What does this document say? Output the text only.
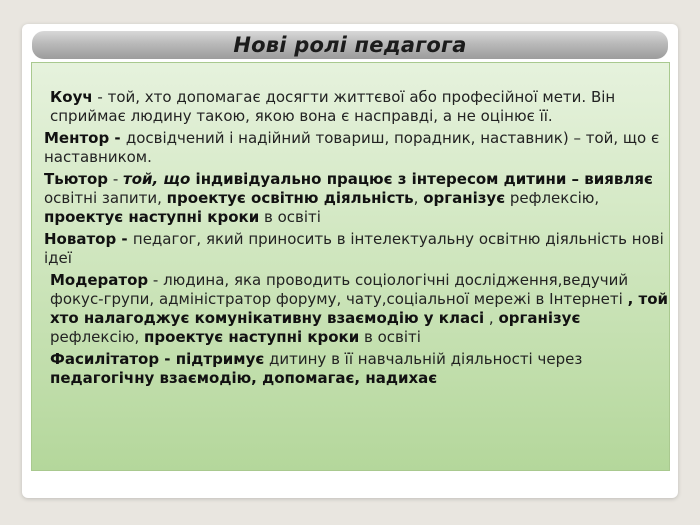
Нові ролі педагога

Коуч - той, хто допомагає досягти життєвої або професійної мети. Він сприймає людину такою, якою вона є насправді, а не оцінює її.

Ментор - досвідчений і надійний товариш, порадник, наставник) – той, що є наставником.

Тьютор - той, що індивідуально працює з інтересом дитини – виявляє освітні запити, проектує освітню діяльність, організує рефлексію, проектує наступні кроки в освіті

Новатор - педагог, який приносить в інтелектуальну освітню діяльність нові ідеї

Модератор - людина, яка проводить соціологічні дослідження,ведучий фокус-групи, адміністратор форуму, чату,соціальної мережі в Інтернеті , той хто налагоджує комунікативну взаємодію у класі , організує рефлексію, проектує наступні кроки в освіті

Фасилітатор - підтримує дитину в її навчальній діяльності через педагогічну взаємодію, допомагає, надихає
